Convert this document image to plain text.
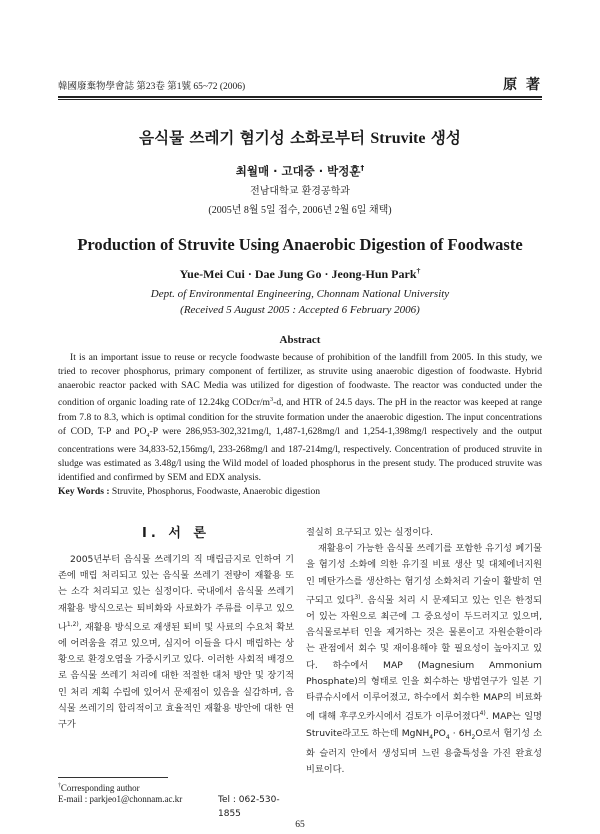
韓國廢棄物學會誌 第23卷 第1號 65~72 (2006)	原 著
음식물 쓰레기 혐기성 소화로부터 Struvite 생성
최월매 · 고대중 · 박정훈†
전남대학교 환경공학과
(2005년 8월 5일 접수, 2006년 2월 6일 채택)
Production of Struvite Using Anaerobic Digestion of Foodwaste
Yue-Mei Cui · Dae Jung Go · Jeong-Hun Park†
Dept. of Environmental Engineering, Chonnam National University
(Received 5 August 2005 : Accepted 6 February 2006)
Abstract
It is an important issue to reuse or recycle foodwaste because of prohibition of the landfill from 2005. In this study, we tried to recover phosphorus, primary component of fertilizer, as struvite using anaerobic digestion of foodwaste. Hybrid anaerobic reactor packed with SAC Media was utilized for digestion of foodwaste. The reactor was conducted under the condition of organic loading rate of 12.24kg CODcr/$m^3-d$, and HTR of 24.5 days. The pH in the reactor was keeped at range from 7.8 to 8.3, which is optimal condition for the struvite formation under the anaerobic digestion. The input concentrations of COD, T-P and $PO_4-P$ were 286,953-302,321mg/l, 1,487-1,628mg/l and 1,254-1,398mg/l respectively and the output concentrations were 34,833-52,156mg/l, 233-268mg/l and 187-214mg/l, respectively. Concentration of produced struvite in sludge was estimated as 3.48g/l using the Wild model of loaded phosphorus in the present study. The produced struvite was identified and confirmed by SEM and EDX analysis.
Key Words : Struvite, Phosphorus, Foodwaste, Anaerobic digestion
I. 서 론

2005년부터 음식물 쓰레기의 직 매립금지로 인하여 기존에 매립 처리되고 있는 음식물 쓰레기 전량이 재활용 또는 소각 처리되고 있는 실정이다. 국내에서 음식물 쓰레기 재활용 방식으로는 퇴비화와 사료화가 주류를 이루고 있으나$^{1,2)}$, 재활용 방식으로 재생된 퇴비 및 사료의 수요처 확보에 어려움을 겪고 있으며, 심지어 이들을 다시 매립하는 상황으로 환경오염을 가중시키고 있다. 이러한 사회적 배경으로 음식물 쓰레기 처리에 대한 적절한 대처 방안 및 장기적인 처리 계획 수립에 있어서 문제점이 있음을 실감하며, 음식물 쓰레기의 합리적이고 효율적인 재활용 방안에 대한 연구가

절실히 요구되고 있는 실정이다.

재활용이 가능한 음식물 쓰레기를 포함한 유기성 폐기물을 혐기성 소화에 의한 유기질 비료 생산 및 대체에너지원인 메탄가스를 생산하는 혐기성 소화처리 기술이 활발히 연구되고 있다$^{3)}$. 음식물 처리 시 문제되고 있는 인은 한정되어 있는 자원으로 최근에 그 중요성이 두드러지고 있으며, 음식물로부터 인을 제거하는 것은 물론이고 자원순환이라는 관점에서 회수 및 재이용해야 할 필요성이 높아지고 있다. 하수에서 MAP (Magnesium Ammonium Phosphate)의 형태로 인을 회수하는 방법연구가 일본 기타큐슈시에서 이루어졌고, 하수에서 회수한 MAP의 비료화에 대해 후쿠오카시에서 검토가 이루어졌다$^{4)}$. MAP는 일명 Struvite라고도 하는데 $MgNH_4PO_4 \cdot 6H_2O$로서 혐기성 소화 슬러지 안에서 생성되며 느린 용출특성을 가진 완효성 비료이다.

†Corresponding author
E-mail : parkjeo1@chonnam.ac.kr	Tel : 062-530-1855
65
